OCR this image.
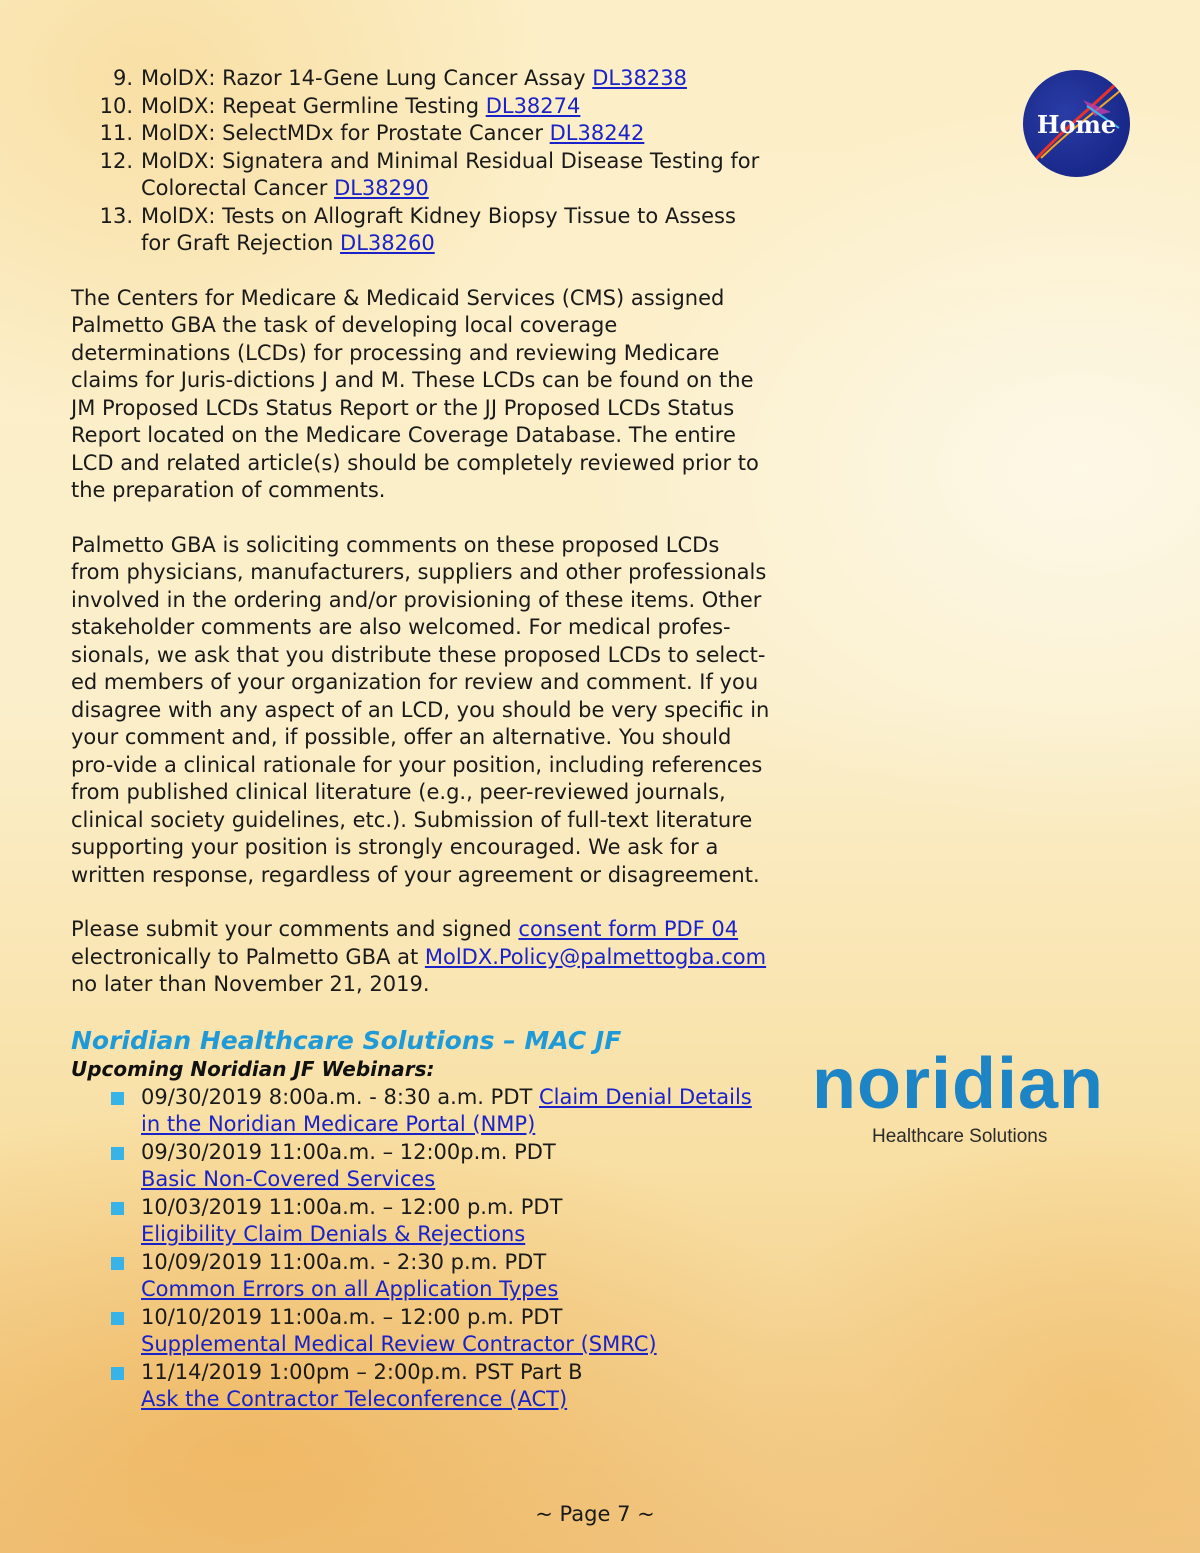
9. MolDX: Razor 14-Gene Lung Cancer Assay DL38238
10. MolDX: Repeat Germline Testing DL38274
11. MolDX: SelectMDx for Prostate Cancer DL38242
12. MolDX: Signatera and Minimal Residual Disease Testing for Colorectal Cancer DL38290
13. MolDX: Tests on Allograft Kidney Biopsy Tissue to Assess for Graft Rejection DL38260

The Centers for Medicare & Medicaid Services (CMS) assigned Palmetto GBA the task of developing local coverage determinations (LCDs) for processing and reviewing Medicare claims for Juris-dictions J and M. These LCDs can be found on the JM Proposed LCDs Status Report or the JJ Proposed LCDs Status Report located on the Medicare Coverage Database. The entire LCD and related article(s) should be completely reviewed prior to the preparation of comments.

Palmetto GBA is soliciting comments on these proposed LCDs from physicians, manufacturers, suppliers and other professionals involved in the ordering and/or provisioning of these items. Other stakeholder comments are also welcomed. For medical profes-sionals, we ask that you distribute these proposed LCDs to select-ed members of your organization for review and comment. If you disagree with any aspect of an LCD, you should be very specific in your comment and, if possible, offer an alternative. You should pro-vide a clinical rationale for your position, including references from published clinical literature (e.g., peer-reviewed journals, clinical society guidelines, etc.). Submission of full-text literature supporting your position is strongly encouraged. We ask for a written response, regardless of your agreement or disagreement.

Please submit your comments and signed consent form PDF 04 electronically to Palmetto GBA at MolDX.Policy@palmettogba.com no later than November 21, 2019.

Noridian Healthcare Solutions – MAC JF
Upcoming Noridian JF Webinars:
09/30/2019 8:00a.m. - 8:30 a.m. PDT Claim Denial Details in the Noridian Medicare Portal (NMP)
09/30/2019 11:00a.m. – 12:00p.m. PDT
Basic Non-Covered Services
10/03/2019 11:00a.m. – 12:00 p.m. PDT
Eligibility Claim Denials & Rejections
10/09/2019 11:00a.m. - 2:30 p.m. PDT
Common Errors on all Application Types
10/10/2019 11:00a.m. – 12:00 p.m. PDT
Supplemental Medical Review Contractor (SMRC)
11/14/2019 1:00pm – 2:00p.m. PST Part B
Ask the Contractor Teleconference (ACT)
Home
noridian
Healthcare Solutions
~ Page 7 ~
